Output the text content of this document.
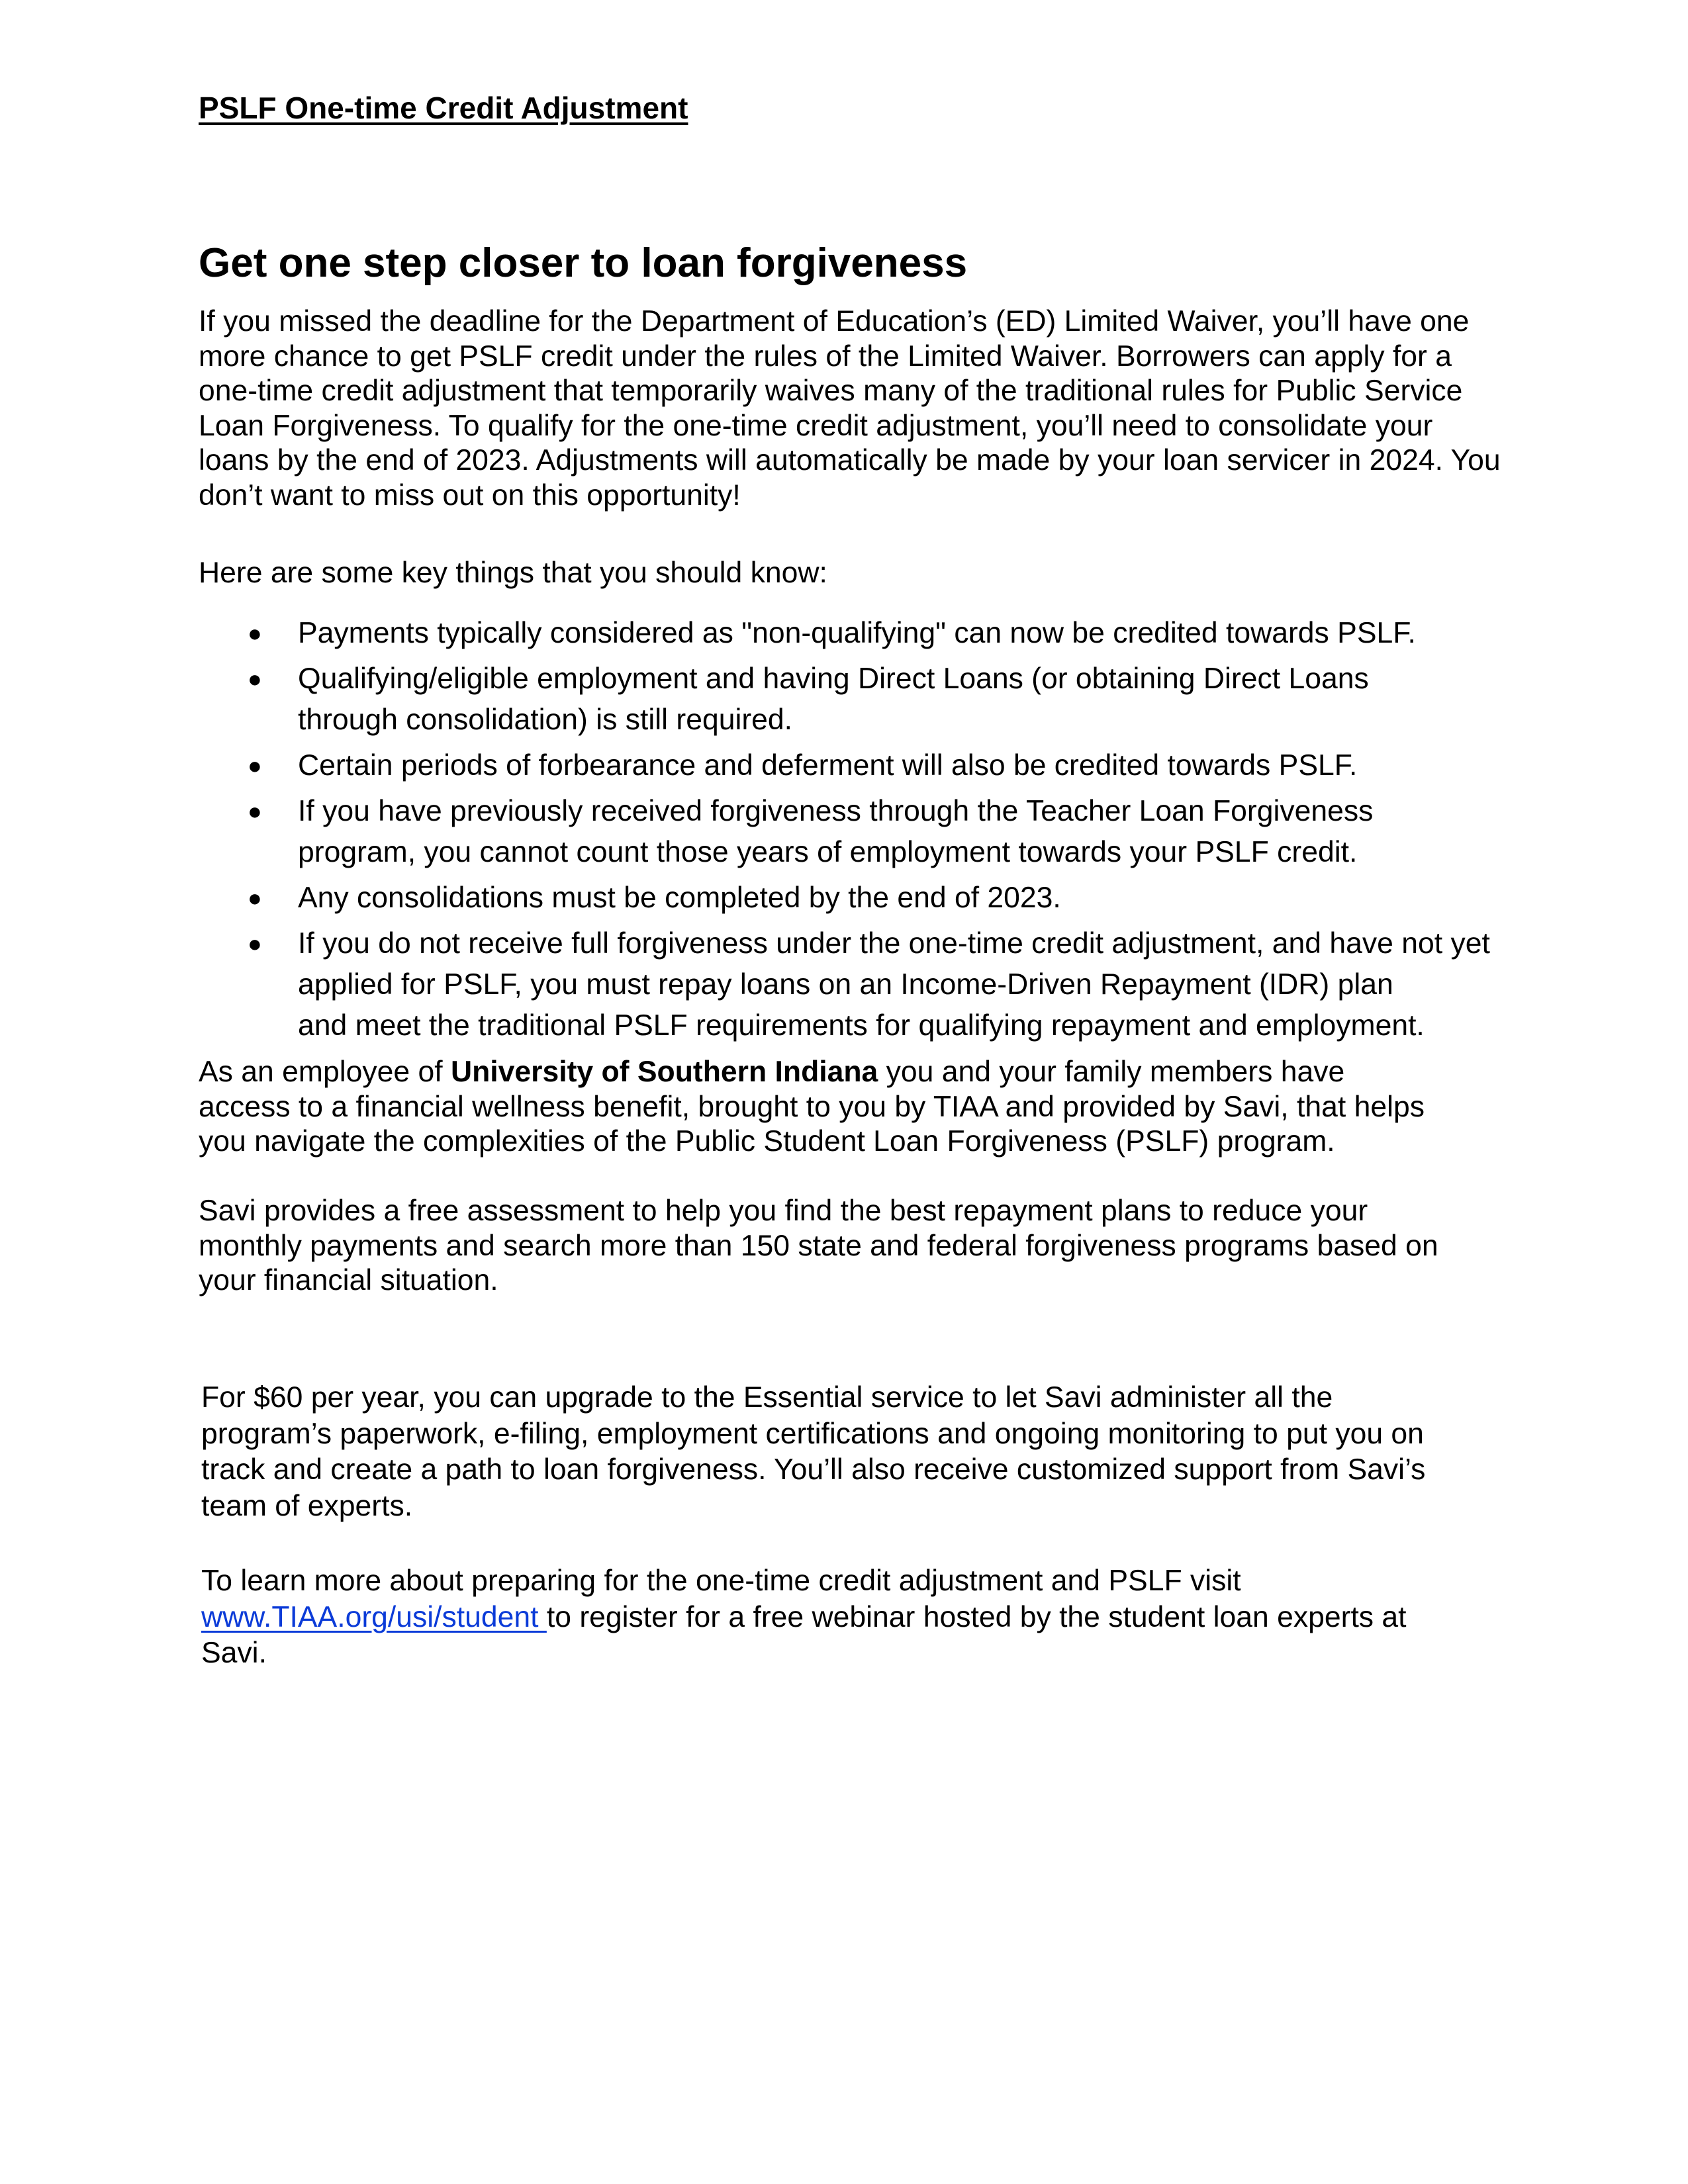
PSLF One-time Credit Adjustment
Get one step closer to loan forgiveness
If you missed the deadline for the Department of Education’s (ED) Limited Waiver, you’ll have one
more chance to get PSLF credit under the rules of the Limited Waiver. Borrowers can apply for a
one-time credit adjustment that temporarily waives many of the traditional rules for Public Service
Loan Forgiveness. To qualify for the one-time credit adjustment, you’ll need to consolidate your
loans by the end of 2023. Adjustments will automatically be made by your loan servicer in 2024. You
don’t want to miss out on this opportunity!
Here are some key things that you should know:
● Payments typically considered as "non-qualifying" can now be credited towards PSLF.
● Qualifying/eligible employment and having Direct Loans (or obtaining Direct Loans
through consolidation) is still required.
● Certain periods of forbearance and deferment will also be credited towards PSLF.
● If you have previously received forgiveness through the Teacher Loan Forgiveness
program, you cannot count those years of employment towards your PSLF credit.
● Any consolidations must be completed by the end of 2023.
● If you do not receive full forgiveness under the one-time credit adjustment, and have not yet
applied for PSLF, you must repay loans on an Income-Driven Repayment (IDR) plan
and meet the traditional PSLF requirements for qualifying repayment and employment.
As an employee of University of Southern Indiana you and your family members have
access to a financial wellness benefit, brought to you by TIAA and provided by Savi, that helps
you navigate the complexities of the Public Student Loan Forgiveness (PSLF) program.
Savi provides a free assessment to help you find the best repayment plans to reduce your
monthly payments and search more than 150 state and federal forgiveness programs based on
your financial situation.
For $60 per year, you can upgrade to the Essential service to let Savi administer all the
program’s paperwork, e-filing, employment certifications and ongoing monitoring to put you on
track and create a path to loan forgiveness. You’ll also receive customized support from Savi’s
team of experts.
To learn more about preparing for the one-time credit adjustment and PSLF visit
www.TIAA.org/usi/student to register for a free webinar hosted by the student loan experts at
Savi.
